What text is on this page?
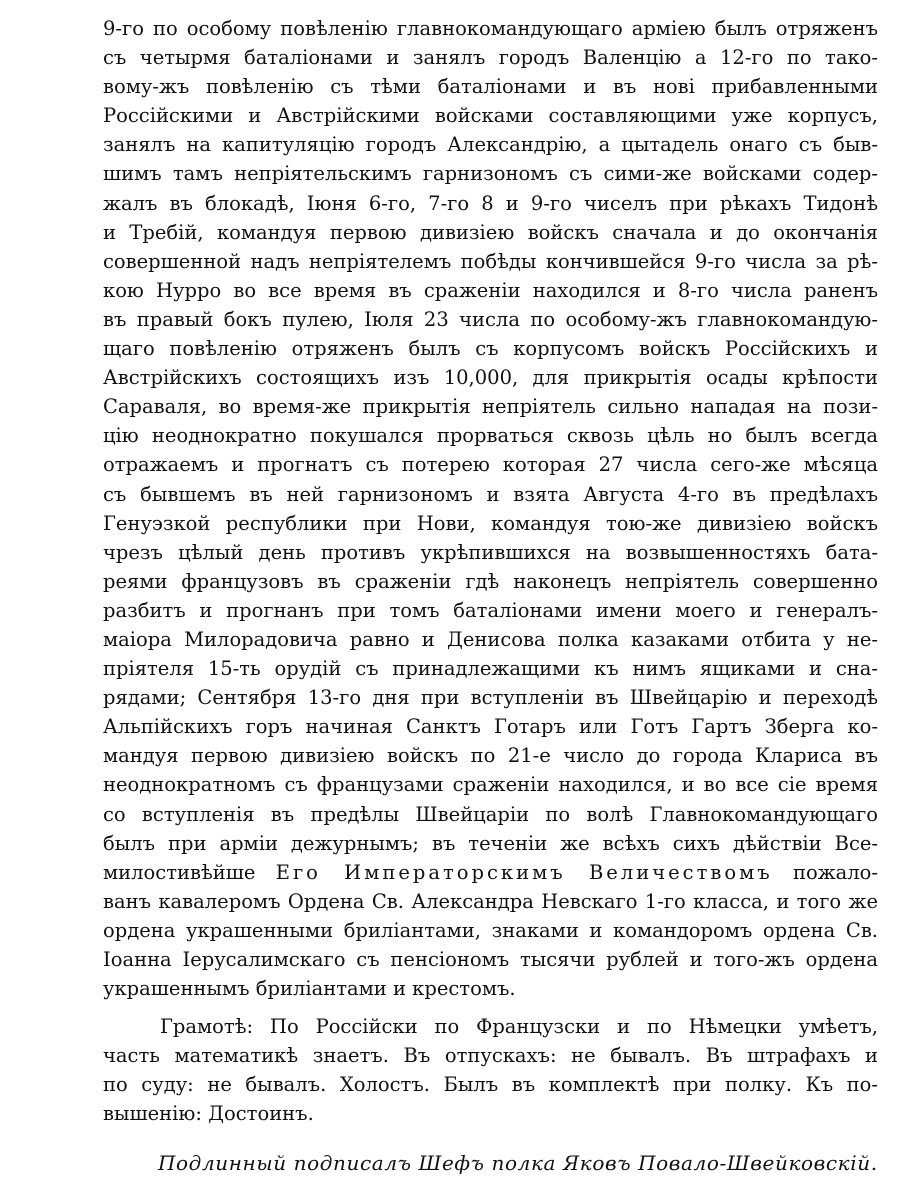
9-го по особому повѣленію главнокомандующаго арміею былъ отряженъ
съ четырмя баталіонами и занялъ городъ Валенцію а 12-го по тако-
вому-жъ повѣленію съ тѣми баталіонами и въ нові прибавленными
Россійскими и Австрійскими войсками составляющими уже корпусъ,
занялъ на капитуляцію городъ Александрію, а цытадель онаго съ быв-
шимъ тамъ непріятельскимъ гарнизономъ съ сими-же войсками содер-
жалъ въ блокадѣ, Іюня 6-го, 7-го 8 и 9-го чиселъ при рѣкахъ Тидонѣ
и Требій, командуя первою дивизіею войскъ сначала и до окончанія
совершенной надъ непріятелемъ побѣды кончившейся 9-го числа за рѣ-
кою Нурро во все время въ сраженіи находился и 8-го числа раненъ
въ правый бокъ пулею, Іюля 23 числа по особому-жъ главнокомандую-
щаго повѣленію отряженъ былъ съ корпусомъ войскъ Россійскихъ и
Австрійскихъ состоящихъ изъ 10,000, для прикрытія осады крѣпости
Сараваля, во время-же прикрытія непріятель сильно нападая на пози-
цію неоднократно покушался прорваться сквозь цѣль но былъ всегда
отражаемъ и прогнатъ съ потерею которая 27 числа сего-же мѣсяца
съ бывшемъ въ ней гарнизономъ и взята Августа 4-го въ предѣлахъ
Генуэзкой республики при Нови, командуя тою-же дивизіею войскъ
чрезъ цѣлый день противъ укрѣпившихся на возвышенностяхъ бата-
реями французовъ въ сраженіи гдѣ наконецъ непріятель совершенно
разбитъ и прогнанъ при томъ баталіонами имени моего и генералъ-
маіора Милорадовича равно и Денисова полка казаками отбита у не-
пріятеля 15-ть орудій съ принадлежащими къ нимъ ящиками и сна-
рядами; Сентября 13-го дня при вступленіи въ Швейцарію и переходѣ
Альпійскихъ горъ начиная Санктъ Готаръ или Готъ Гартъ Зберга ко-
мандуя первою дивизіею войскъ по 21-е число до города Клариса въ
неоднократномъ съ французами сраженіи находился, и во все сіе время
со вступленія въ предѣлы Швейцаріи по волѣ Главнокомандующаго
былъ при арміи дежурнымъ; въ теченіи же всѣхъ сихъ дѣйствіи Все-
милостивѣйше Его Императорскимъ Величествомъ пожало-
ванъ кавалеромъ Ордена Св. Александра Невскаго 1-го класса, и того же
ордена украшенными бриліантами, знаками и командоромъ ордена Св.
Іоанна Іерусалимскаго съ пенсіономъ тысячи рублей и того-жъ ордена
украшеннымъ бриліантами и крестомъ.
Грамотѣ: По Россійски по Французски и по Нѣмецки умѣетъ,
часть математикѣ знаетъ. Въ отпускахъ: не бывалъ. Въ штрафахъ и
по суду: не бывалъ. Холостъ. Былъ въ комплектѣ при полку. Къ по-
вышенію: Достоинъ.
Подлинный подписалъ Шефъ полка Яковъ Повало-Швейковскій.
